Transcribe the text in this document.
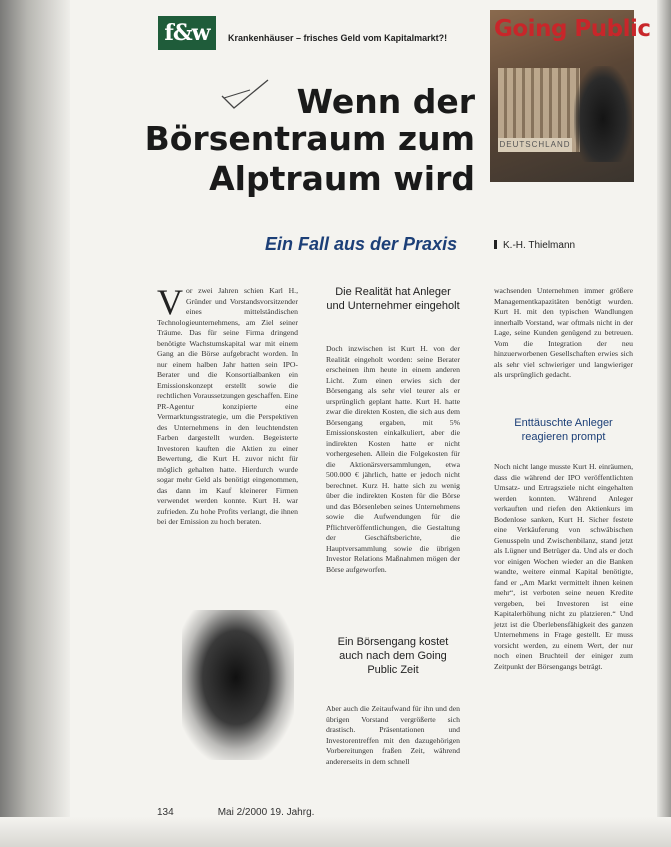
f&w	Krankenhäuser – frisches Geld vom Kapitalmarkt?!
DEUTSCHLAND
Going Public
Wenn der
Börsentraum zum
Alptraum wird
Ein Fall aus der Praxis	K.-H. Thielmann
V or zwei Jahren schien Karl H., Gründer und Vorstandsvorsitzender eines mittelständischen Technologieunternehmens, am Ziel seiner Träume. Das für seine Firma dringend benötigte Wachstumskapital war mit einem Gang an die Börse aufgebracht worden. In nur einem halben Jahr hatten sein IPO-Berater und die Konsortialbanken ein Emissionskonzept erstellt sowie die rechtlichen Voraussetzungen geschaffen. Eine PR-Agentur konzipierte eine Vermarktungsstrategie, um die Perspektiven des Unternehmens in den leuchtendsten Farben dargestellt wurden. Begeisterte Investoren kauften die Aktien zu einer Bewertung, die Kurt H. zuvor nicht für möglich gehalten hatte. Hierdurch wurde sogar mehr Geld als benötigt eingenommen, das dann im Kauf kleinerer Firmen verwendet werden konnte. Kurt H. war zufrieden. Zu hohe Profits verlangt, die ihnen bei der Emission zu hoch beraten.

Die Realität hat Anleger und Unternehmer eingeholt

Doch inzwischen ist Kurt H. von der Realität eingeholt worden: seine Berater erscheinen ihm heute in einem anderen Licht. Zum einen erwies sich der Börsengang als sehr viel teurer als er ursprünglich geplant hatte. Kurt H. hatte zwar die direkten Kosten, die sich aus dem Börsengang ergaben, mit 5% Emissionskosten einkalkuliert, aber die indirekten Kosten hatte er nicht vorhergesehen. Allein die Folgekosten für die Aktionärsversammlungen, etwa 500.000 € jährlich, hatte er jedoch nicht berechnet. Kurz H. hatte sich zu wenig über die indirekten Kosten für die Börse und das Börsenleben seines Unternehmens sowie die Aufwendungen für die Pflichtveröffentlichungen, die Gestaltung der Geschäftsberichte, die Hauptversammlung sowie die übrigen Investor Relations Maßnahmen mögen der Börse aufgeworfen.

Ein Börsengang kostet auch nach dem Going Public Zeit

Aber auch die Zeitaufwand für ihn und den übrigen Vorstand vergrößerte sich drastisch. Präsentationen und Investorentreffen mit den dazugehörigen Vorbereitungen fraßen Zeit, während andererseits in dem schnell

wachsenden Unternehmen immer größere Managementkapazitäten benötigt wurden. Kurt H. mit den typischen Wandlungen innerhalb Vorstand, war oftmals nicht in der Lage, seine Kunden genügend zu betreuen. Vom die Integration der neu hinzuerworbenen Gesellschaften erwies sich als sehr viel schwieriger und langwieriger als ursprünglich gedacht.

Enttäuschte Anleger reagieren prompt

Noch nicht lange musste Kurt H. einräumen, dass die während der IPO veröffentlichten Umsatz- und Ertragsziele nicht eingehalten werden konnten. Während Anleger verkauften und riefen den Aktienkurs im Bodenlose sanken, Kurt H. Sicher festete eine Verkäuferung von schwäbischen Genusspeln und Zwischenbilanz, stand jetzt als Lügner und Betrüger da. Und als er doch vor einigen Wochen wieder an die Banken wandte, weitere einmal Kapital benötigte, fand er „Am Markt vermittelt ihnen keinen mehr“, ist verboten seine neuen Kredite vergeben, bei Investoren ist eine Kapitalerhöhung nicht zu platzieren.“ Und jetzt ist die Überlebensfähigkeit des ganzen Unternehmens in Frage gestellt. Er muss vorsicht werden, zu einem Wert, der nur noch einen Bruchteil der einiger zum Zeitpunkt der Börsengangs beträgt.

134	Mai 2/2000 19. Jahrg.
